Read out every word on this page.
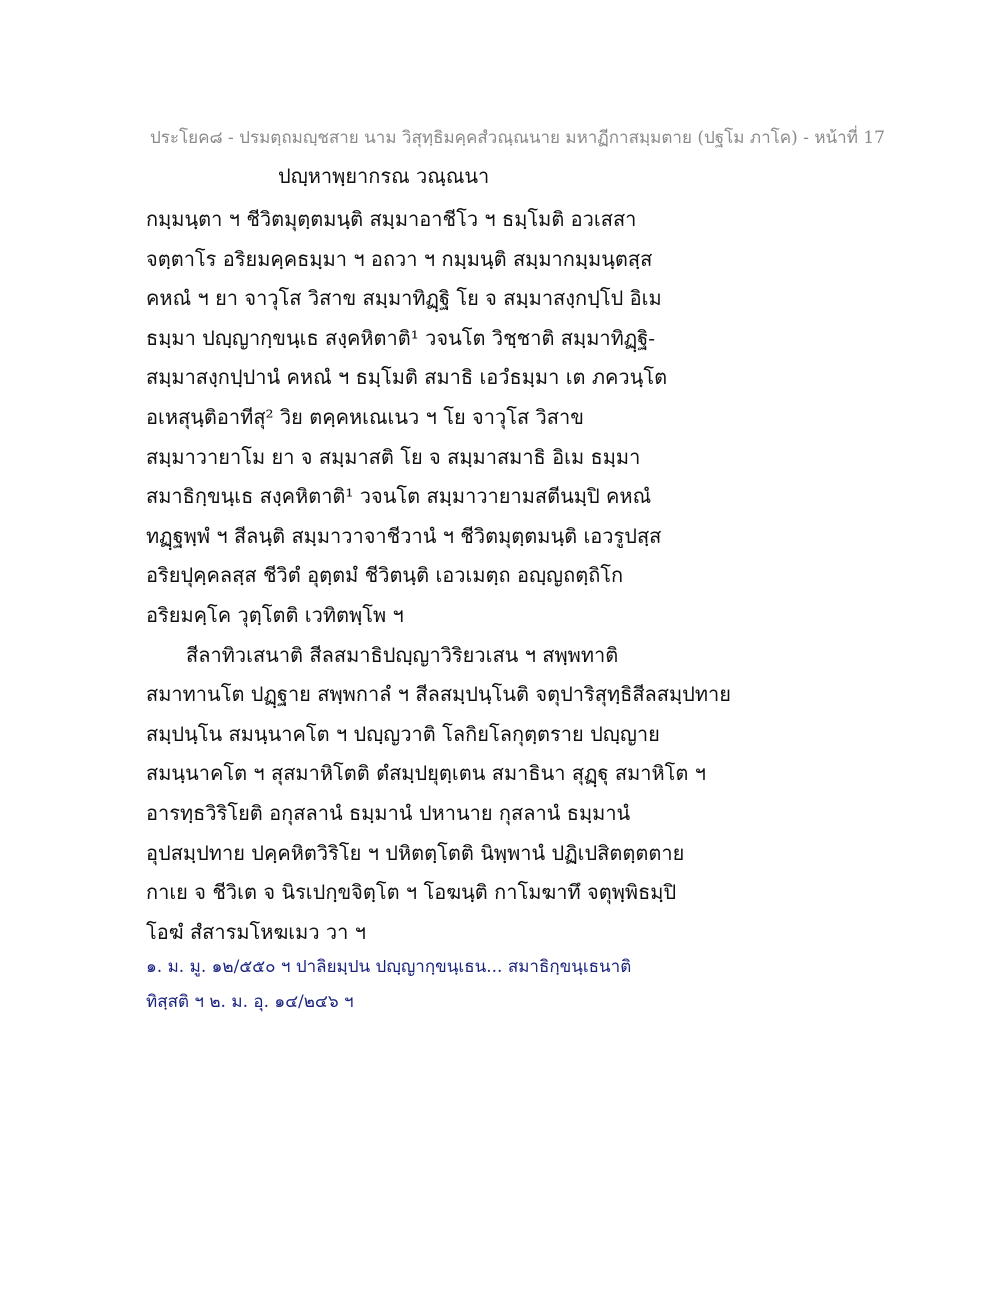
ประโยค๘ - ปรมตฺถมญฺชสาย นาม วิสุทฺธิมคฺคสํวณฺณนาย มหาฏีกาสมฺมตาย (ปฐโม ภาโค) - หน้าที่ 17
ปญฺหาพฺยากรณ วณฺณนา
กมฺมนฺตา ฯ ชีวิตมุตฺตมนฺติ สมฺมาอาชีโว ฯ ธมฺโมติ อวเสสา
จตฺตาโร อริยมคฺคธมฺมา ฯ อถวา ฯ กมฺมนฺติ สมฺมากมฺมนฺตสฺส
คหณํ ฯ ยา จาวุโส วิสาข สมฺมาทิฏฺฐิ โย จ สมฺมาสงฺกปฺโป อิเม
ธมฺมา ปญฺญากฺขนฺเธ สงฺคหิตาติ¹ วจนโต วิชฺชาติ สมฺมาทิฏฺฐิ-
สมฺมาสงฺกปฺปานํ คหณํ ฯ ธมฺโมติ สมาธิ เอวํธมฺมา เต ภควนฺโต
อเหสุนฺติอาทีสุ² วิย ตคฺคหเณเนว ฯ โย จาวุโส วิสาข
สมฺมาวายาโม ยา จ สมฺมาสติ โย จ สมฺมาสมาธิ อิเม ธมฺมา
สมาธิกฺขนฺเธ สงฺคหิตาติ¹ วจนโต สมฺมาวายามสตีนมฺปิ คหณํ
ทฏฺฐพฺพํ ฯ สีลนฺติ สมฺมาวาจาชีวานํ ฯ ชีวิตมุตฺตมนฺติ เอวรูปสฺส
อริยปุคฺคลสฺส ชีวิตํ อุตฺตมํ ชีวิตนฺติ เอวเมตฺถ อญฺญถตฺถิโก
อริยมคฺโค วุตฺโตติ เวทิตพฺโพ ฯ
สีลาทิวเสนาติ สีลสมาธิปญฺญาวิริยวเสน ฯ สพฺพทาติ
สมาทานโต ปฏฺฐาย สพฺพกาลํ ฯ สีลสมฺปนฺโนติ จตุปาริสุทฺธิสีลสมฺปทาย
สมฺปนฺโน สมนฺนาคโต ฯ ปญฺญวาติ โลกิยโลกุตฺตราย ปญฺญาย
สมนฺนาคโต ฯ สุสมาหิโตติ ตํสมฺปยุตฺเตน สมาธินา สุฏฺฐุ สมาหิโต ฯ
อารทฺธวิริโยติ อกุสลานํ ธมฺมานํ ปหานาย กุสลานํ ธมฺมานํ
อุปสมฺปทาย ปคฺคหิตวิริโย ฯ ปหิตตฺโตติ นิพฺพานํ ปฏิเปสิตตฺตตาย
กาเย จ ชีวิเต จ นิรเปกฺขจิตฺโต ฯ โอฆนฺติ กาโมฆาทึ จตุพฺพิธมฺปิ
โอฆํ สํสารมโหฆเมว วา ฯ
๑. ม. มู. ๑๒/๕๕๐ ฯ ปาลิยมฺปน ปญฺญากฺขนฺเธน... สมาธิกฺขนฺเธนาติ
ทิสฺสติ ฯ ๒. ม. อุ. ๑๔/๒๔๖ ฯ
